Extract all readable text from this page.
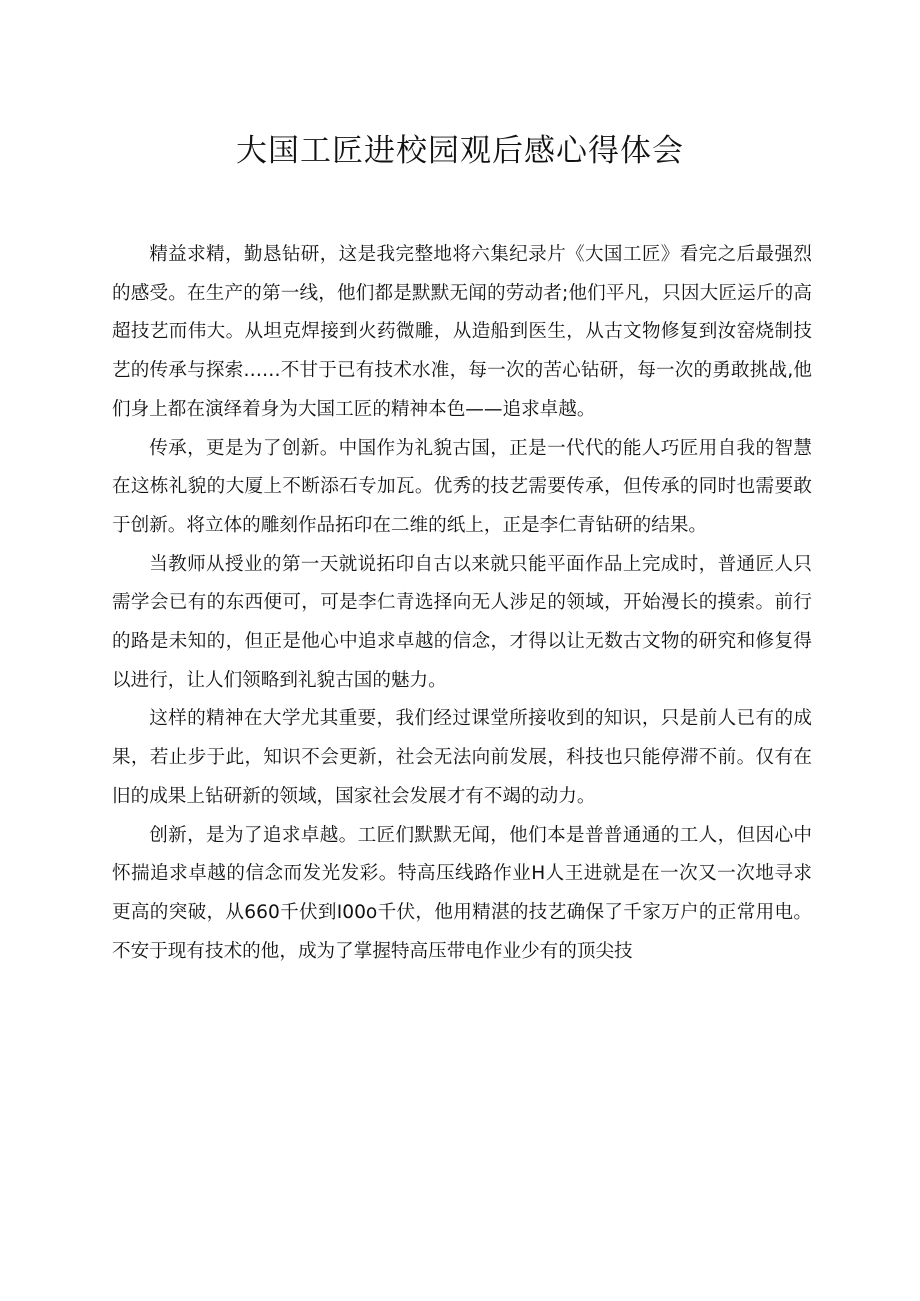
大国工匠进校园观后感心得体会

精益求精，勤恳钻研，这是我完整地将六集纪录片《大国工匠》看完之后最强烈的感受。在生产的第一线，他们都是默默无闻的劳动者;他们平凡，只因大匠运斤的高超技艺而伟大。从坦克焊接到火药微雕，从造船到医生，从古文物修复到汝窑烧制技艺的传承与探索……不甘于已有技术水准，每一次的苦心钻研，每一次的勇敢挑战,他们身上都在演绎着身为大国工匠的精神本色——追求卓越。

传承，更是为了创新。中国作为礼貌古国，正是一代代的能人巧匠用自我的智慧在这栋礼貌的大厦上不断添石专加瓦。优秀的技艺需要传承，但传承的同时也需要敢于创新。将立体的雕刻作品拓印在二维的纸上，正是李仁青钻研的结果。

当教师从授业的第一天就说拓印自古以来就只能平面作品上完成时，普通匠人只需学会已有的东西便可，可是李仁青选择向无人涉足的领域，开始漫长的摸索。前行的路是未知的，但正是他心中追求卓越的信念，才得以让无数古文物的研究和修复得以进行，让人们领略到礼貌古国的魅力。

这样的精神在大学尤其重要，我们经过课堂所接收到的知识，只是前人已有的成果，若止步于此，知识不会更新，社会无法向前发展，科技也只能停滞不前。仅有在旧的成果上钻研新的领域，国家社会发展才有不竭的动力。

创新，是为了追求卓越。工匠们默默无闻，他们本是普普通通的工人，但因心中怀揣追求卓越的信念而发光发彩。特高压线路作业H人王进就是在一次又一次地寻求更高的突破，从660千伏到I00o千伏，他用精湛的技艺确保了千家万户的正常用电。不安于现有技术的他，成为了掌握特高压带电作业少有的顶尖技
